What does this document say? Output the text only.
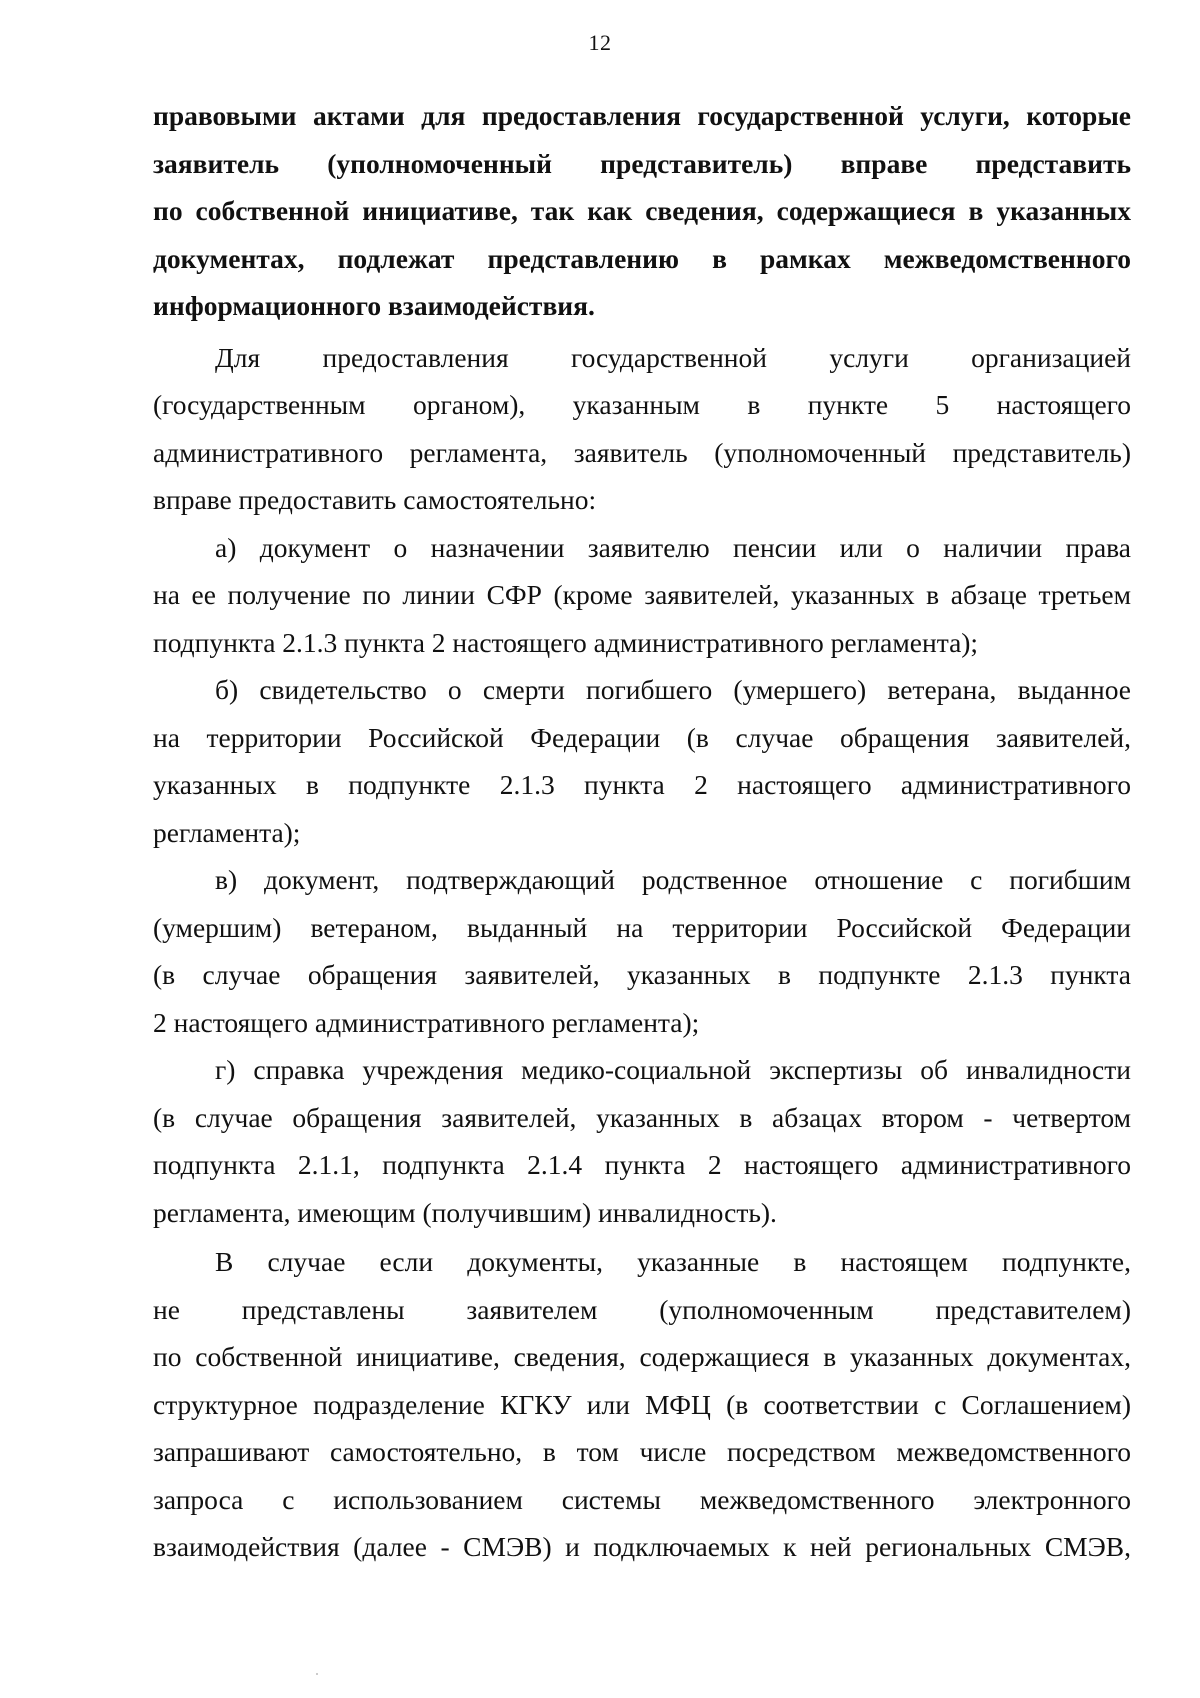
12
правовыми актами для предоставления государственной услуги, которые
заявитель (уполномоченный представитель) вправе представить
по собственной инициативе, так как сведения, содержащиеся в указанных
документах, подлежат представлению в рамках межведомственного
информационного взаимодействия.
Для предоставления государственной услуги организацией
(государственным органом), указанным в пункте 5 настоящего
административного регламента, заявитель (уполномоченный представитель)
вправе предоставить самостоятельно:
а) документ о назначении заявителю пенсии или о наличии права
на ее получение по линии СФР (кроме заявителей, указанных в абзаце третьем
подпункта 2.1.3 пункта 2 настоящего административного регламента);
б) свидетельство о смерти погибшего (умершего) ветерана, выданное
на территории Российской Федерации (в случае обращения заявителей,
указанных в подпункте 2.1.3 пункта 2 настоящего административного
регламента);
в) документ, подтверждающий родственное отношение с погибшим
(умершим) ветераном, выданный на территории Российской Федерации
(в случае обращения заявителей, указанных в подпункте 2.1.3 пункта
2 настоящего административного регламента);
г) справка учреждения медико-социальной экспертизы об инвалидности
(в случае обращения заявителей, указанных в абзацах втором - четвертом
подпункта 2.1.1, подпункта 2.1.4 пункта 2 настоящего административного
регламента, имеющим (получившим) инвалидность).
В случае если документы, указанные в настоящем подпункте,
не представлены заявителем (уполномоченным представителем)
по собственной инициативе, сведения, содержащиеся в указанных документах,
структурное подразделение КГКУ или МФЦ (в соответствии с Соглашением)
запрашивают самостоятельно, в том числе посредством межведомственного
запроса с использованием системы межведомственного электронного
взаимодействия (далее - СМЭВ) и подключаемых к ней региональных СМЭВ,
